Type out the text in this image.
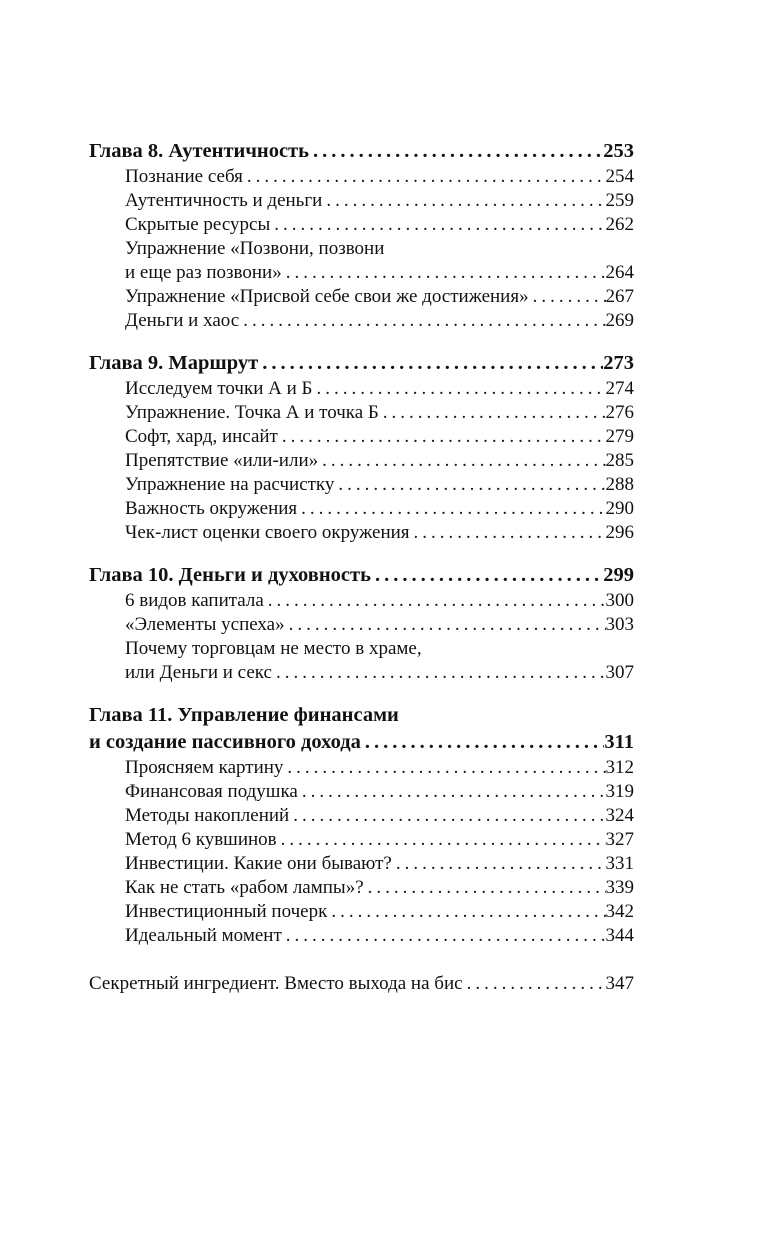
Глава 8. Аутентичность .....	253
Познание себя .....	254
Аутентичность и деньги .....	259
Скрытые ресурсы .....	262
Упражнение «Позвони, позвони
и еще раз позвони» .....	264
Упражнение «Присвой себе свои же достижения» .....	267
Деньги и хаос .....	269
Глава 9. Маршрут .....	273
Исследуем точки А и Б .....	274
Упражнение. Точка А и точка Б .....	276
Софт, хард, инсайт .....	279
Препятствие «или-или» .....	285
Упражнение на расчистку .....	288
Важность окружения .....	290
Чек-лист оценки своего окружения .....	296
Глава 10. Деньги и духовность .....	299
6 видов капитала .....	300
«Элементы успеха» .....	303
Почему торговцам не место в храме,
или Деньги и секс .....	307
Глава 11. Управление финансами
и создание пассивного дохода .....	311
Проясняем картину .....	312
Финансовая подушка .....	319
Методы накоплений .....	324
Метод 6 кувшинов .....	327
Инвестиции. Какие они бывают? .....	331
Как не стать «рабом лампы»? .....	339
Инвестиционный почерк .....	342
Идеальный момент .....	344
Секретный ингредиент. Вместо выхода на бис .....	347
